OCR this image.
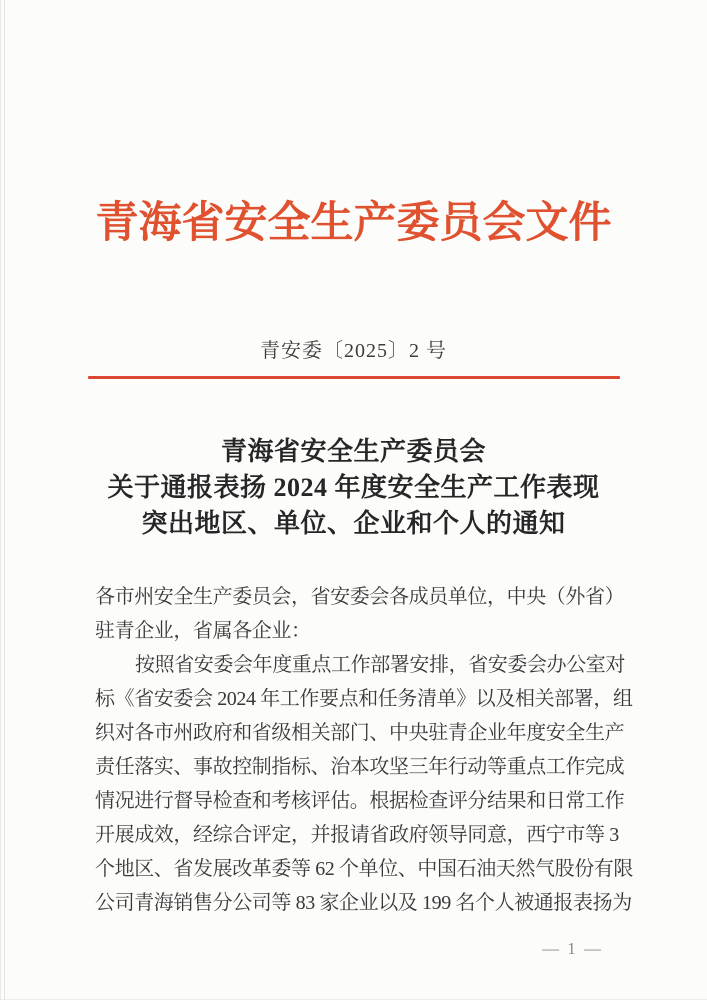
青海省安全生产委员会文件
青安委〔2025〕2 号
青海省安全生产委员会
关于通报表扬 2024 年度安全生产工作表现
突出地区、单位、企业和个人的通知
各市州安全生产委员会，省安委会各成员单位，中央（外省）
驻青企业，省属各企业：
按照省安委会年度重点工作部署安排，省安委会办公室对
标《省安委会 2024 年工作要点和任务清单》以及相关部署，组
织对各市州政府和省级相关部门、中央驻青企业年度安全生产
责任落实、事故控制指标、治本攻坚三年行动等重点工作完成
情况进行督导检查和考核评估。根据检查评分结果和日常工作
开展成效，经综合评定，并报请省政府领导同意，西宁市等 3
个地区、省发展改革委等 62 个单位、中国石油天然气股份有限
公司青海销售分公司等 83 家企业以及 199 名个人被通报表扬为
— 1 —
